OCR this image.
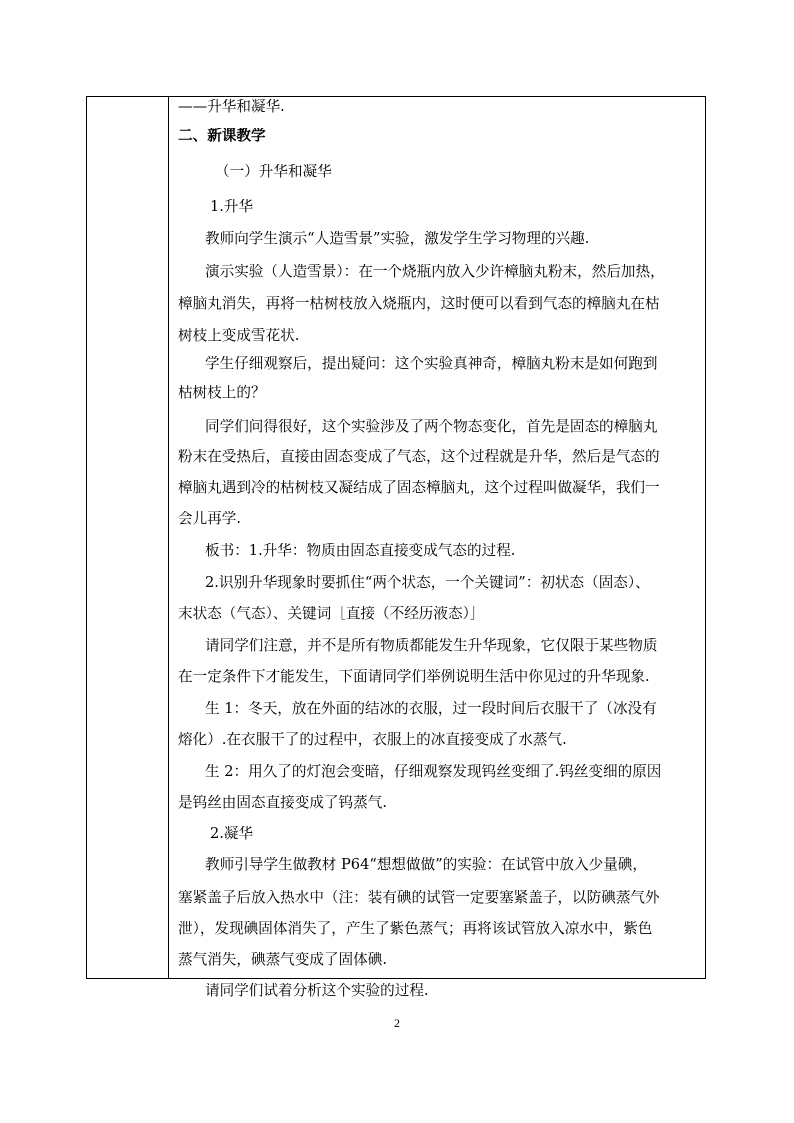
——升华和凝华.
二、新课教学
（一）升华和凝华
1.升华
教师向学生演示“人造雪景”实验，激发学生学习物理的兴趣.
演示实验（人造雪景）：在一个烧瓶内放入少许樟脑丸粉末，然后加热，
樟脑丸消失，再将一枯树枝放入烧瓶内，这时便可以看到气态的樟脑丸在枯
树枝上变成雪花状.
学生仔细观察后，提出疑问：这个实验真神奇，樟脑丸粉末是如何跑到
枯树枝上的？
同学们问得很好，这个实验涉及了两个物态变化，首先是固态的樟脑丸
粉末在受热后，直接由固态变成了气态，这个过程就是升华，然后是气态的
樟脑丸遇到冷的枯树枝又凝结成了固态樟脑丸，这个过程叫做凝华，我们一
会儿再学.
板书：1.升华：物质由固态直接变成气态的过程.
2.识别升华现象时要抓住“两个状态，一个关键词”：初状态（固态）、
末状态（气态）、关键词［直接（不经历液态）］
请同学们注意，并不是所有物质都能发生升华现象，它仅限于某些物质
在一定条件下才能发生，下面请同学们举例说明生活中你见过的升华现象.
生 1：冬天，放在外面的结冰的衣服，过一段时间后衣服干了（冰没有
熔化）.在衣服干了的过程中，衣服上的冰直接变成了水蒸气.
生 2：用久了的灯泡会变暗，仔细观察发现钨丝变细了.钨丝变细的原因
是钨丝由固态直接变成了钨蒸气.
2.凝华
教师引导学生做教材 P64“想想做做”的实验：在试管中放入少量碘，
塞紧盖子后放入热水中（注：装有碘的试管一定要塞紧盖子，以防碘蒸气外
泄），发现碘固体消失了，产生了紫色蒸气；再将该试管放入凉水中，紫色
蒸气消失，碘蒸气变成了固体碘.
请同学们试着分析这个实验的过程.
2
